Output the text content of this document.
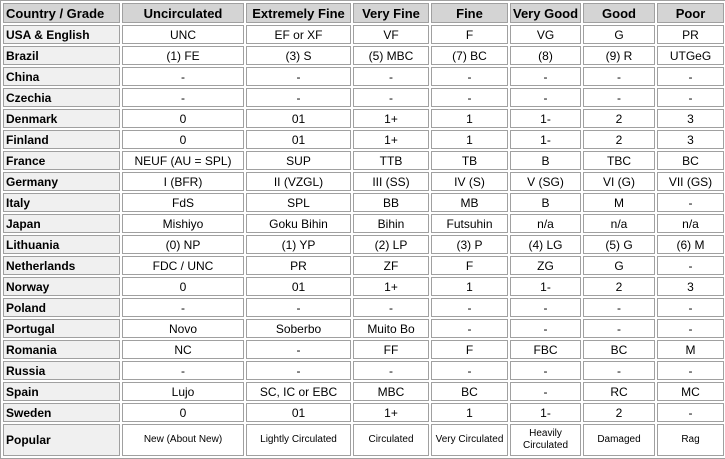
Country / Grade	Uncirculated	Extremely Fine	Very Fine	Fine	Very Good	Good	Poor
USA & English	UNC	EF or XF	VF	F	VG	G	PR
Brazil	(1) FE	(3) S	(5) MBC	(7) BC	(8)	(9) R	UTGeG
China	-	-	-	-	-	-	-
Czechia	-	-	-	-	-	-	-
Denmark	0	01	1+	1	1-	2	3
Finland	0	01	1+	1	1-	2	3
France	NEUF (AU = SPL)	SUP	TTB	TB	B	TBC	BC
Germany	I (BFR)	II (VZGL)	III (SS)	IV (S)	V (SG)	VI (G)	VII (GS)
Italy	FdS	SPL	BB	MB	B	M	-
Japan	Mishiyo	Goku Bihin	Bihin	Futsuhin	n/a	n/a	n/a
Lithuania	(0) NP	(1) YP	(2) LP	(3) P	(4) LG	(5) G	(6) M
Netherlands	FDC / UNC	PR	ZF	F	ZG	G	-
Norway	0	01	1+	1	1-	2	3
Poland	-	-	-	-	-	-	-
Portugal	Novo	Soberbo	Muito Bo	-	-	-	-
Romania	NC	-	FF	F	FBC	BC	M
Russia	-	-	-	-	-	-	-
Spain	Lujo	SC, IC or EBC	MBC	BC	-	RC	MC
Sweden	0	01	1+	1	1-	2	-
Popular	New (About New)	Lightly Circulated	Circulated	Very Circulated	Heavily Circulated	Damaged	Rag
